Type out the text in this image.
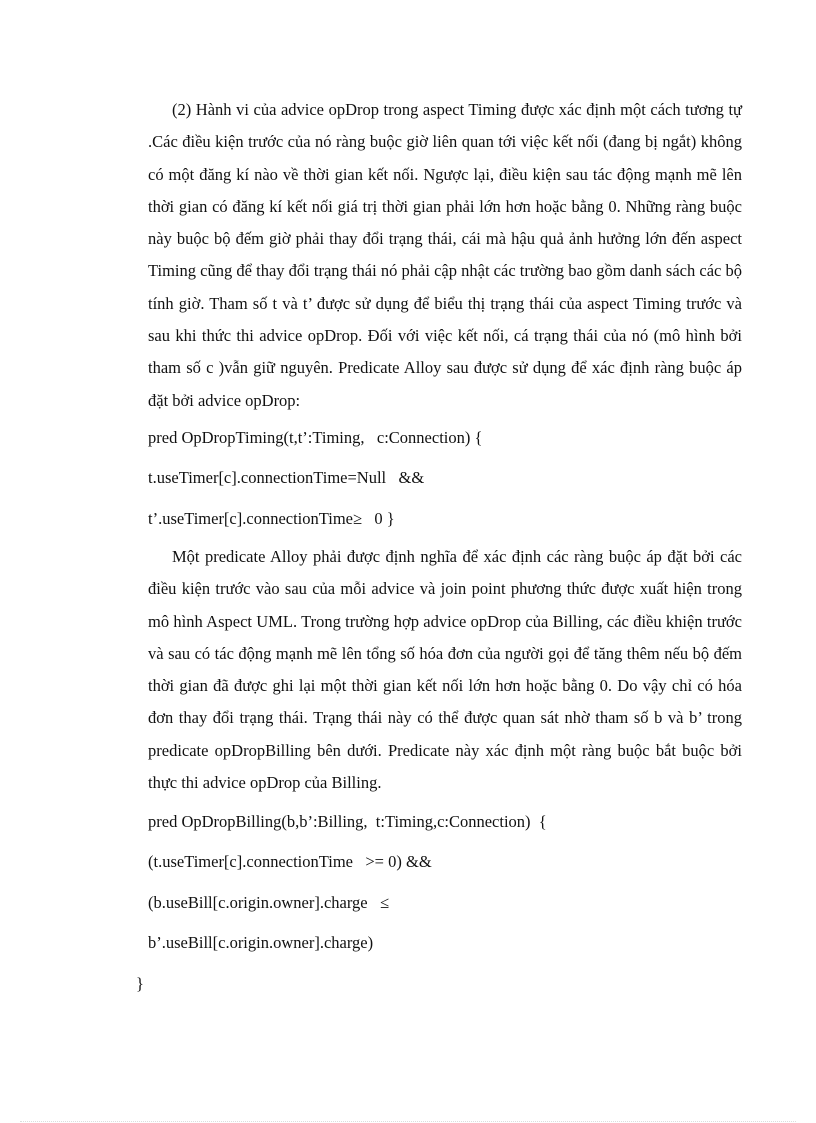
(2) Hành vi của advice opDrop trong aspect Timing được xác định một cách tương tự .Các điều kiện trước của nó ràng buộc giờ liên quan tới việc kết nối (đang bị ngắt) không có một đăng kí nào về thời gian kết nối. Ngược lại, điều kiện sau tác động mạnh mẽ lên thời gian có đăng kí kết nối giá trị thời gian phải lớn hơn hoặc bằng 0. Những ràng buộc này buộc bộ đếm giờ phải thay đổi trạng thái, cái mà hậu quả ảnh hưởng lớn đến aspect Timing cũng để thay đổi trạng thái nó phải cập nhật các trường bao gồm danh sách các bộ tính giờ. Tham số t và t’ được sử dụng để biểu thị trạng thái của aspect Timing trước và sau khi thức thi advice opDrop. Đối với việc kết nối, cá trạng thái của nó (mô hình bởi tham số c )vẫn giữ nguyên. Predicate Alloy sau được sử dụng để xác định ràng buộc áp đặt bởi advice opDrop:

pred OpDropTiming(t,t’:Timing,   c:Connection) {
t.useTimer[c].connectionTime=Null   &&
t’.useTimer[c].connectionTime≥   0 }

Một predicate Alloy phải được định nghĩa để xác định các ràng buộc áp đặt bởi các điều kiện trước vào sau của mỗi advice và join point phương thức được xuất hiện trong mô hình Aspect UML. Trong trường hợp advice opDrop của Billing, các điều khiện trước và sau có tác động mạnh mẽ lên tổng số hóa đơn của người gọi để tăng thêm nếu bộ đếm thời gian đã được ghi lại một thời gian kết nối lớn hơn hoặc bằng 0. Do vậy chỉ có hóa đơn thay đổi trạng thái. Trạng thái này có thể được quan sát nhờ tham số b và b’ trong predicate opDropBilling bên dưới. Predicate này xác định một ràng buộc bắt buộc bởi thực thi advice opDrop của Billing.

pred OpDropBilling(b,b’:Billing,  t:Timing,c:Connection)  {
(t.useTimer[c].connectionTime   >= 0) &&
(b.useBill[c.origin.owner].charge   ≤
b’.useBill[c.origin.owner].charge)
}
